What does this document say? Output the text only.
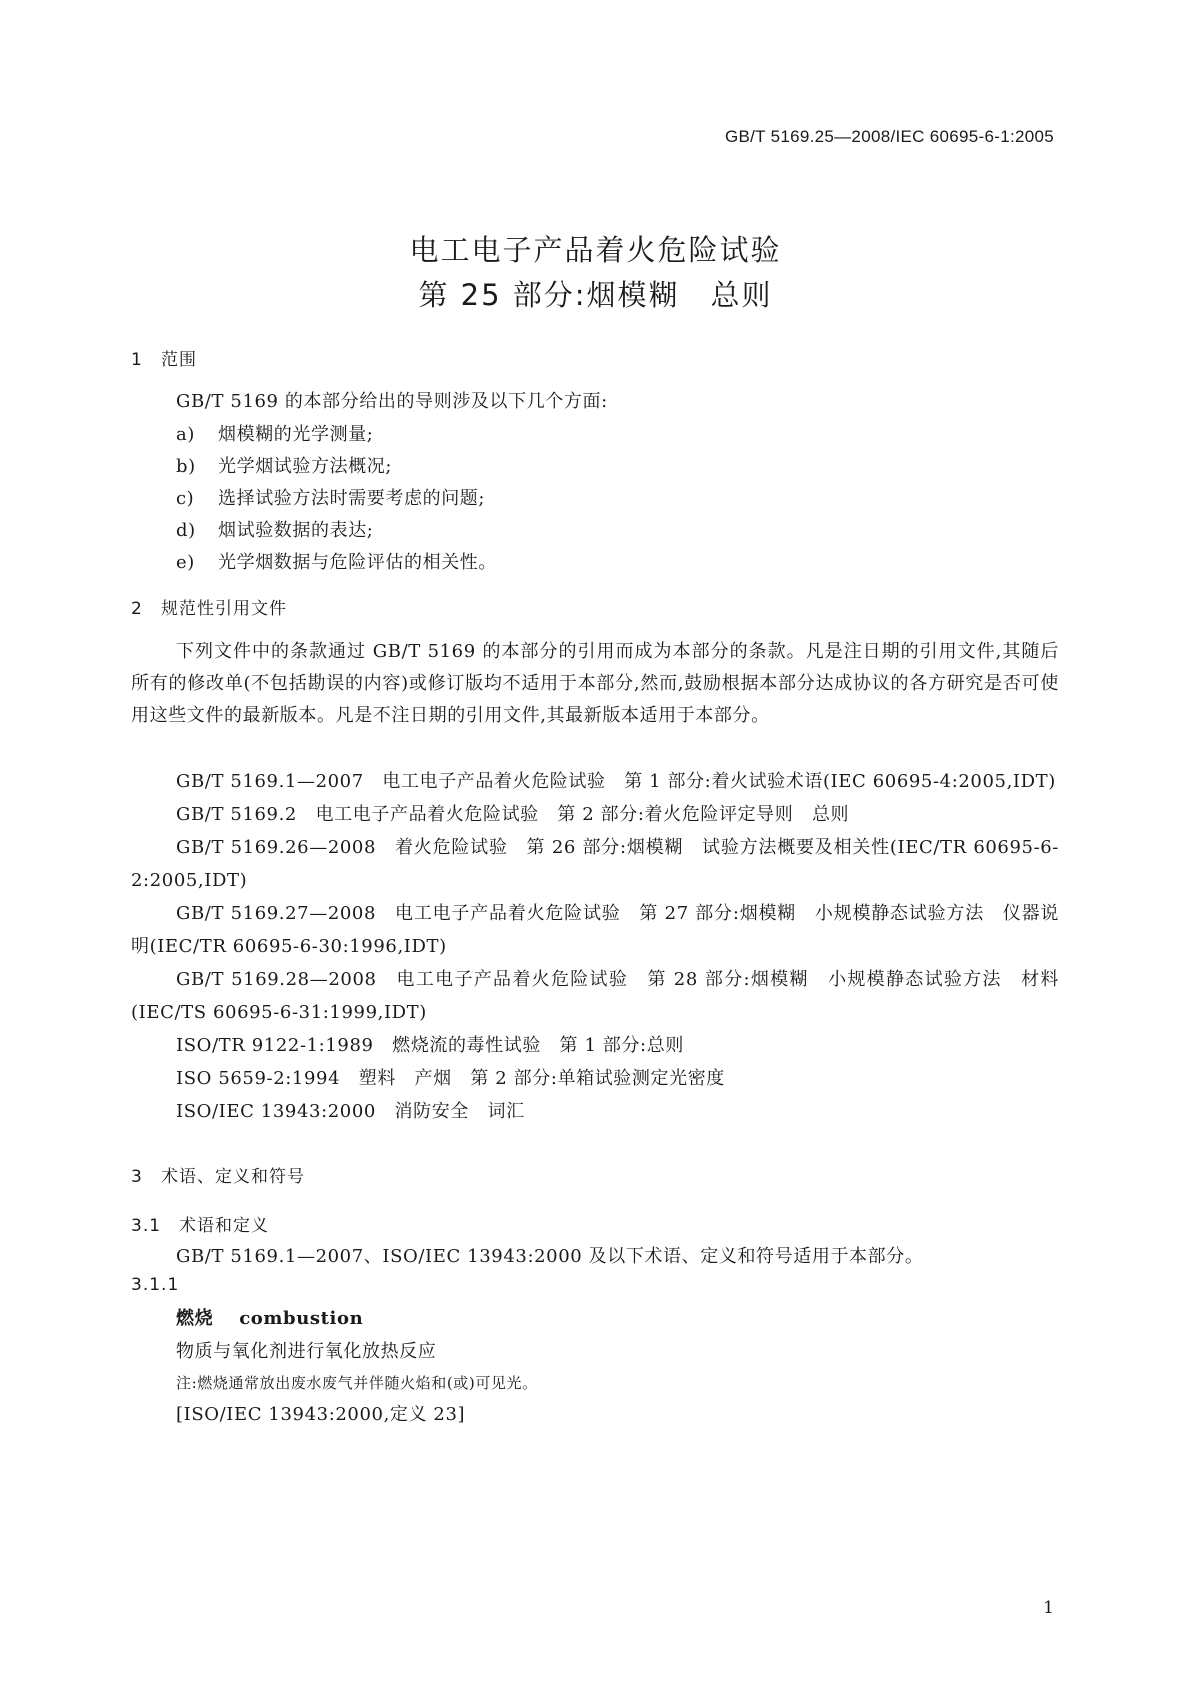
GB/T 5169.25—2008/IEC 60695-6-1:2005
电工电子产品着火危险试验
第 25 部分:烟模糊　总则
1 范围
GB/T 5169 的本部分给出的导则涉及以下几个方面:
a) 烟模糊的光学测量;
b) 光学烟试验方法概况;
c) 选择试验方法时需要考虑的问题;
d) 烟试验数据的表达;
e) 光学烟数据与危险评估的相关性。
2 规范性引用文件
下列文件中的条款通过 GB/T 5169 的本部分的引用而成为本部分的条款。凡是注日期的引用文件,其随后所有的修改单(不包括勘误的内容)或修订版均不适用于本部分,然而,鼓励根据本部分达成协议的各方研究是否可使用这些文件的最新版本。凡是不注日期的引用文件,其最新版本适用于本部分。
GB/T 5169.1—2007　电工电子产品着火危险试验　第 1 部分:着火试验术语(IEC 60695-4:2005,IDT)
GB/T 5169.2　电工电子产品着火危险试验　第 2 部分:着火危险评定导则　总则
GB/T 5169.26—2008　着火危险试验　第 26 部分:烟模糊　试验方法概要及相关性(IEC/TR 60695-6-2:2005,IDT)
GB/T 5169.27—2008　电工电子产品着火危险试验　第 27 部分:烟模糊　小规模静态试验方法　仪器说明(IEC/TR 60695-6-30:1996,IDT)
GB/T 5169.28—2008　电工电子产品着火危险试验　第 28 部分:烟模糊　小规模静态试验方法　材料(IEC/TS 60695-6-31:1999,IDT)
ISO/TR 9122-1:1989　燃烧流的毒性试验　第 1 部分:总则
ISO 5659-2:1994　塑料　产烟　第 2 部分:单箱试验测定光密度
ISO/IEC 13943:2000　消防安全　词汇
3 术语、定义和符号
3.1 术语和定义
GB/T 5169.1—2007、ISO/IEC 13943:2000 及以下术语、定义和符号适用于本部分。
3.1.1
燃烧 combustion
物质与氧化剂进行氧化放热反应
注:燃烧通常放出废水废气并伴随火焰和(或)可见光。
[ISO/IEC 13943:2000,定义 23]
1
